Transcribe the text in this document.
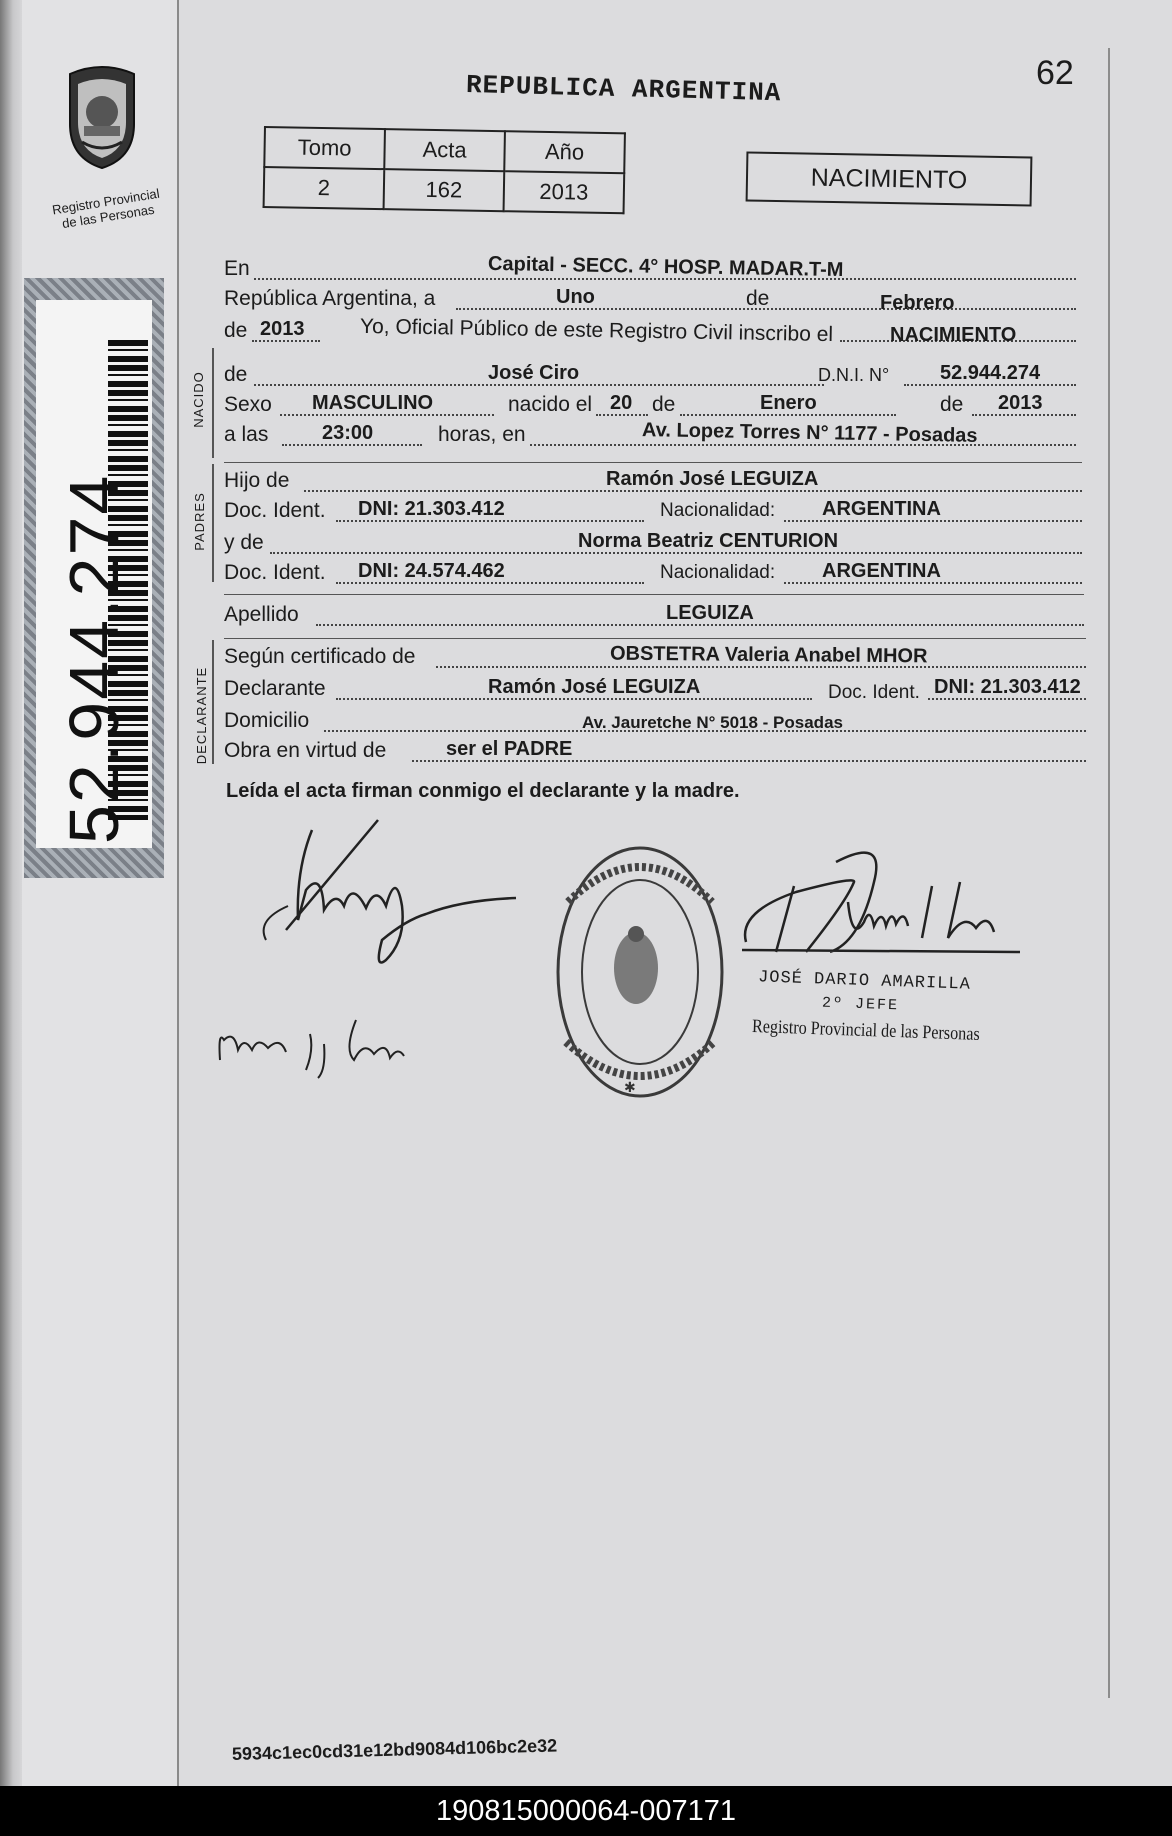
Registro Provincial de las Personas
52.944.274
REPUBLICA ARGENTINA	62
Tomo	Acta	Año
2	162	2013	NACIMIENTO
NACIDO
PADRES
DECLARANTE
En	Capital - SECC. 4° HOSP. MADAR.T-M
República Argentina, a	Uno	de	Febrero
de 2013	Yo, Oficial Público de este Registro Civil inscribo el	NACIMIENTO
de	José Ciro	D.N.I. N°	52.944.274
Sexo MASCULINO	nacido el 20 de	Enero	de 2013
a las	23:00	horas, en	Av. Lopez Torres N° 1177 - Posadas
Hijo de	Ramón José LEGUIZA
Doc. Ident. DNI: 21.303.412	Nacionalidad: ARGENTINA
y de	Norma Beatriz CENTURION
Doc. Ident. DNI: 24.574.462	Nacionalidad: ARGENTINA
Apellido	LEGUIZA
Según certificado de	OBSTETRA Valeria Anabel MHOR
Declarante	Ramón José LEGUIZA	Doc. Ident. DNI: 21.303.412
Domicilio	Av. Jauretche N° 5018 - Posadas
Obra en virtud de	ser el PADRE
Leída el acta firman conmigo el declarante y la madre.
✱
JOSÉ DARIO AMARILLA
2º JEFE
Registro Provincial de las Personas
5934c1ec0cd31e12bd9084d106bc2e32
190815000064-007171
